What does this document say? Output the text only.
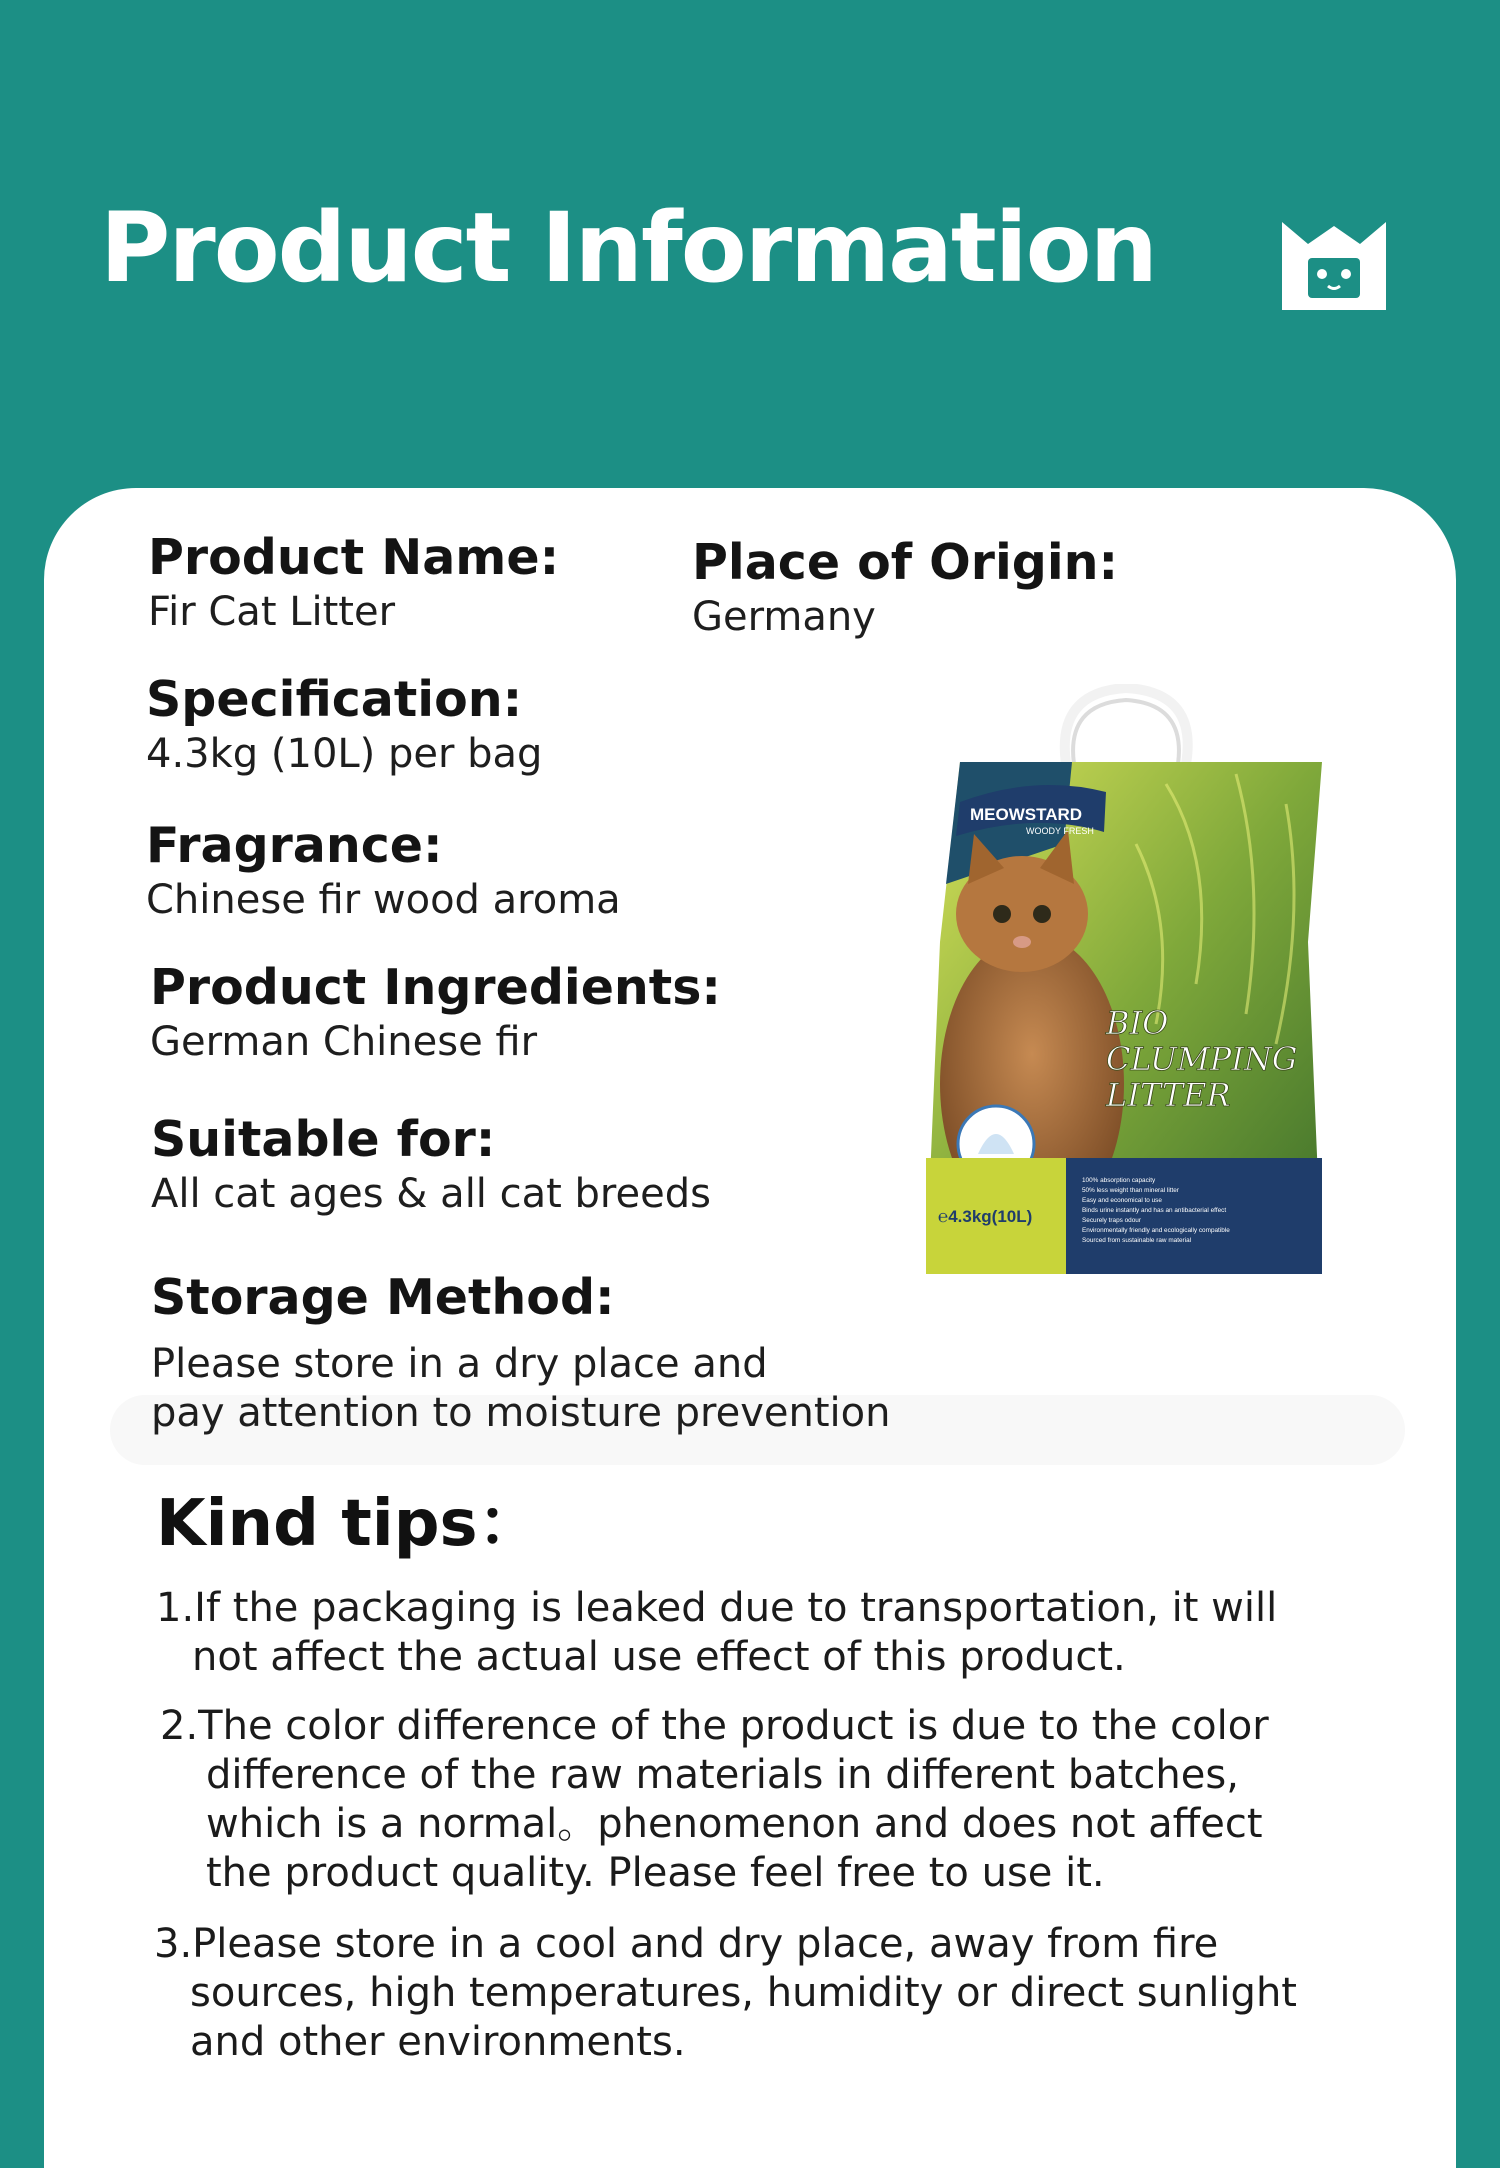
Product Information
Product Name:
Fir Cat Litter
Place of Origin:
Germany
Specification:
4.3kg (10L) per bag
Fragrance:
Chinese fir wood aroma
Product Ingredients:
German Chinese fir
Suitable for:
All cat ages & all cat breeds
Storage Method:
Please store in a dry place and
pay attention to moisture prevention
MEOWSTARD
WOODY FRESH
BIO
CLUMPING
LITTER
℮4.3kg(10L)
100% absorption capacity
50% less weight than mineral litter
Easy and economical to use
Binds urine instantly and has an antibacterial effect
Securely traps odour
Environmentally friendly and ecologically compatible
Sourced from sustainable raw material
Kind tips：
1.If the packaging is leaked due to transportation, it will
not affect the actual use effect of this product.
2.The color difference of the product is due to the color
difference of the raw materials in different batches,
which is a normal。phenomenon and does not affect
the product quality. Please feel free to use it.
3.Please store in a cool and dry place, away from fire
sources, high temperatures, humidity or direct sunlight
and other environments.
